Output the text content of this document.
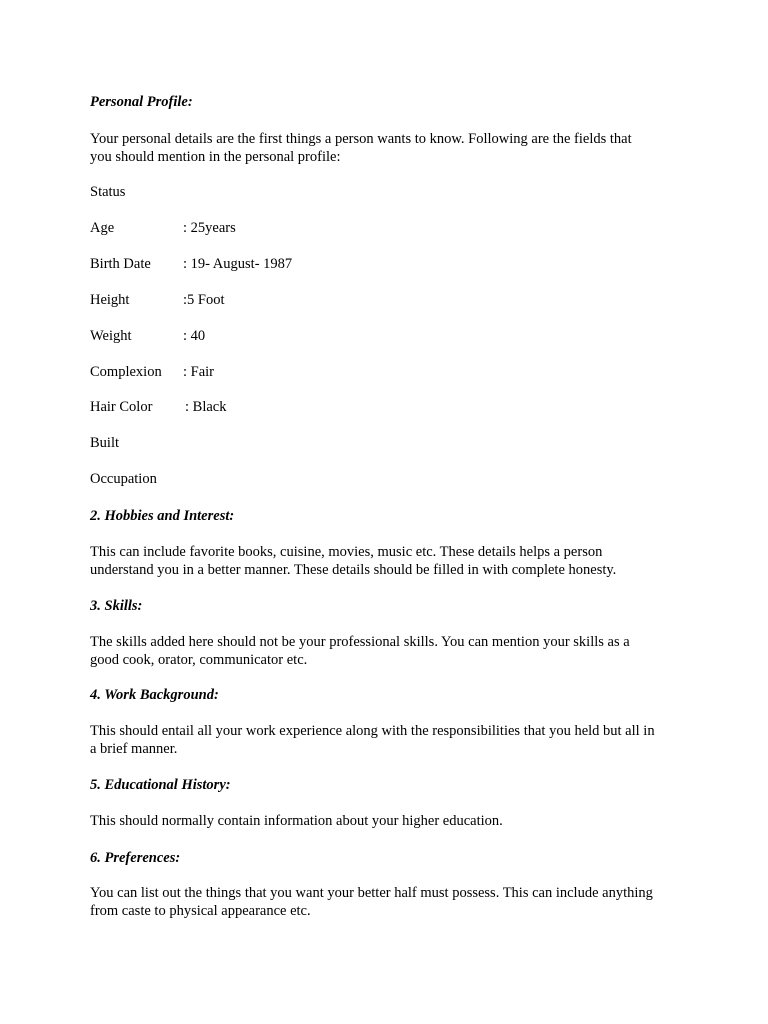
Personal Profile:
Your personal details are the first things a person wants to know. Following are the fields that
you should mention in the personal profile:
Status
Age	: 25years
Birth Date : 19- August- 1987
Height	:5 Foot
Weight	: 40
Complexion : Fair
Hair Color : Black
Built
Occupation
2. Hobbies and Interest:
This can include favorite books, cuisine, movies, music etc. These details helps a person
understand you in a better manner. These details should be filled in with complete honesty.
3. Skills:
The skills added here should not be your professional skills. You can mention your skills as a
good cook, orator, communicator etc.
4. Work Background:
This should entail all your work experience along with the responsibilities that you held but all in
a brief manner.
5. Educational History:
This should normally contain information about your higher education.
6. Preferences:
You can list out the things that you want your better half must possess. This can include anything
from caste to physical appearance etc.
